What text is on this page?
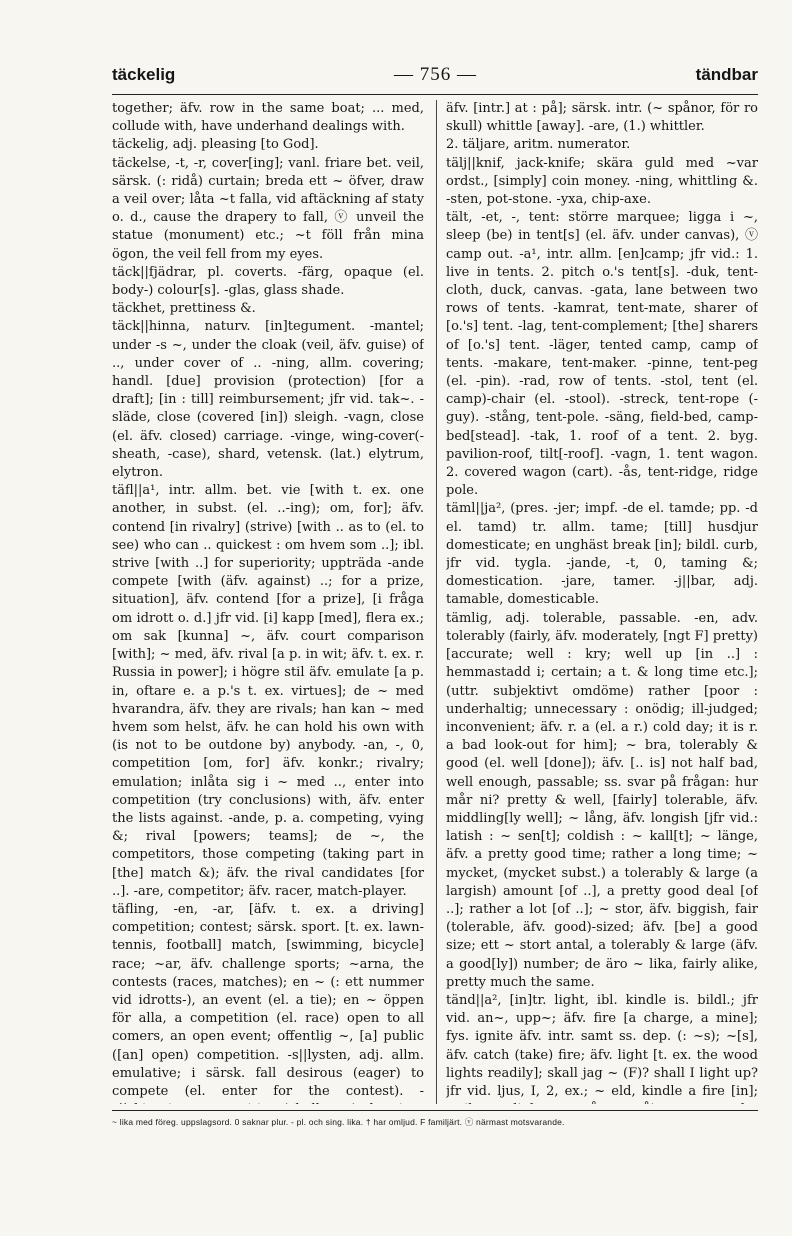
täckelig	— 756 —	tändbar

together; äfv. row in the same boat; ... med, collude with, have underhand dealings with.

täckelig, adj. pleasing [to God].

täckelse, -t, -r, cover[ing]; vanl. friare bet. veil, särsk. (: ridå) curtain; breda ett ~ öfver, draw a veil over; låta ~t falla, vid aftäckning af staty o. d., cause the drapery to fall, ⓥ unveil the statue (monument) etc.; ~t föll från mina ögon, the veil fell from my eyes.

täck||fjädrar, pl. coverts. -färg, opaque (el. body-) colour[s]. -glas, glass shade.

täckhet, prettiness &.

täck||hinna, naturv. [in]tegument. -mantel; under -s ~, under the cloak (veil, äfv. guise) of .., under cover of .. -ning, allm. covering; handl. [due] provision (protection) [for a draft]; [in : till] reimbursement; jfr vid. tak~. -släde, close (covered [in]) sleigh. -vagn, close (el. äfv. closed) carriage. -vinge, wing-cover(-sheath, -case), shard, vetensk. (lat.) elytrum, elytron.

täfl||a¹, intr. allm. bet. vie [with t. ex. one another, in subst. (el. ..-ing); om, for]; äfv. contend [in rivalry] (strive) [with .. as to (el. to see) who can .. quickest : om hvem som ..]; ibl. strive [with ..] for superiority; uppträda -ande compete [with (äfv. against) ..; for a prize, situation], äfv. contend [for a prize], [i fråga om idrott o. d.] jfr vid. [i] kapp [med], flera ex.; om sak [kunna] ~, äfv. court comparison [with]; ~ med, äfv. rival [a p. in wit; äfv. t. ex. r. Russia in power]; i högre stil äfv. emulate [a p. in, oftare e. a p.'s t. ex. virtues]; de ~ med hvarandra, äfv. they are rivals; han kan ~ med hvem som helst, äfv. he can hold his own with (is not to be outdone by) anybody. -an, -, 0, competition [om, for] äfv. konkr.; rivalry; emulation; inlåta sig i ~ med .., enter into competition (try conclusions) with, äfv. enter the lists against. -ande, p. a. competing, vying &; rival [powers; teams]; de ~, the competitors, those competing (taking part in [the] match &); äfv. the rival candidates [for ..]. -are, competitor; äfv. racer, match-player.

täfling, -en, -ar, [äfv. t. ex. a driving] competition; contest; särsk. sport. [t. ex. lawn-tennis, football] match, [swimming, bicycle] race; ~ar, äfv. challenge sports; ~arna, the contests (races, matches); en ~ (: ett nummer vid idrotts-), an event (el. a tie); en ~ öppen för alla, a competition (el. race) open to all comers, an open event; offentlig ~, [a] public ([an] open) competition. -s||lysten, adj. allm. emulative; i särsk. fall desirous (eager) to compete (el. enter for the contest). -

äfv. [intr.] at : på]; särsk. intr. (~ spånor, för ro skull) whittle [away]. -are, (1.) whittler.

2. täljare, aritm. numerator.

tälj||knif, jack-knife; skära guld med ~var ordst., [simply] coin money. -ning, whittling &. -sten, pot-stone. -yxa, chip-axe.

tält, -et, -, tent: större marquee; ligga i ~, sleep (be) in tent[s] (el. äfv. under canvas), ⓥ camp out. -a¹, intr. allm. [en]camp; jfr vid.: 1. live in tents. 2. pitch o.'s tent[s]. -duk, tent-cloth, duck, canvas. -gata, lane between two rows of tents. -kamrat, tent-mate, sharer of [o.'s] tent. -lag, tent-complement; [the] sharers of [o.'s] tent. -läger, tented camp, camp of tents. -makare, tent-maker. -pinne, tent-peg (el. -pin). -rad, row of tents. -stol, tent (el. camp)-chair (el. -stool). -streck, tent-rope (-guy). -stång, tent-pole. -säng, field-bed, camp-bed[stead]. -tak, 1. roof of a tent. 2. byg. pavilion-roof, tilt[-roof]. -vagn, 1. tent wagon. 2. covered wagon (cart). -ås, tent-ridge, ridge pole.

täml||ja², (pres. -jer; impf. -de el. tamde; pp. -d el. tamd) tr. allm. tame; [till] husdjur domesticate; en unghäst break [in]; bildl. curb, jfr vid. tygla. -jande, -t, 0, taming &; domestication. -jare, tamer. -j||bar, adj. tamable, domesticable.

tämlig, adj. tolerable, passable. -en, adv. tolerably (fairly, äfv. moderately, [ngt F] pretty) [accurate; well : kry; well up [in ..] : hemmastadd i; certain; a t. & long time etc.]; (uttr. subjektivt omdöme) rather [poor : underhaltig; unnecessary : onödig; ill-judged; inconvenient; äfv. r. a (el. a r.) cold day; it is r. a bad look-out for him]; ~ bra, tolerably & good (el. well [done]); äfv. [.. is] not half bad, well enough, passable; ss. svar på frågan: hur mår ni? pretty & well, [fairly] tolerable, äfv. middling[ly well]; ~ lång, äfv. longish [jfr vid.: latish : ~ sen[t]; coldish : ~ kall[t]; ~ länge, äfv. a pretty good time; rather a long time; ~ mycket, (mycket subst.) a tolerably & large (a largish) amount [of ..], a pretty good deal [of ..]; rather a lot [of ..]; ~ stor, äfv. biggish, fair (tolerable, äfv. good)-sized; äfv. [be] a good size; ett ~ stort antal, a tolerably & large (äfv. a good[ly]) number; de äro ~ lika, fairly alike, pretty much the same.

tänd||a², [in]tr. light, ibl. kindle is. bildl.; jfr vid. an~, upp~; äfv. fire [a charge, a mine]; fys. ignite äfv. intr. samt ss. dep. (: ~s); ~[s], äfv. catch (take) fire; äfv. light [t. ex. the wood lights readily]; skall jag ~ (F)? shall I light up? jfr vid. ljus, I, 2, ex.; ~ eld, kindle a fire [in];

~ lika med föreg. uppslagsord. 0 saknar plur. - pl. och sing. lika. † har omljud. F familjärt. ⓥ närmast motsvarande.
